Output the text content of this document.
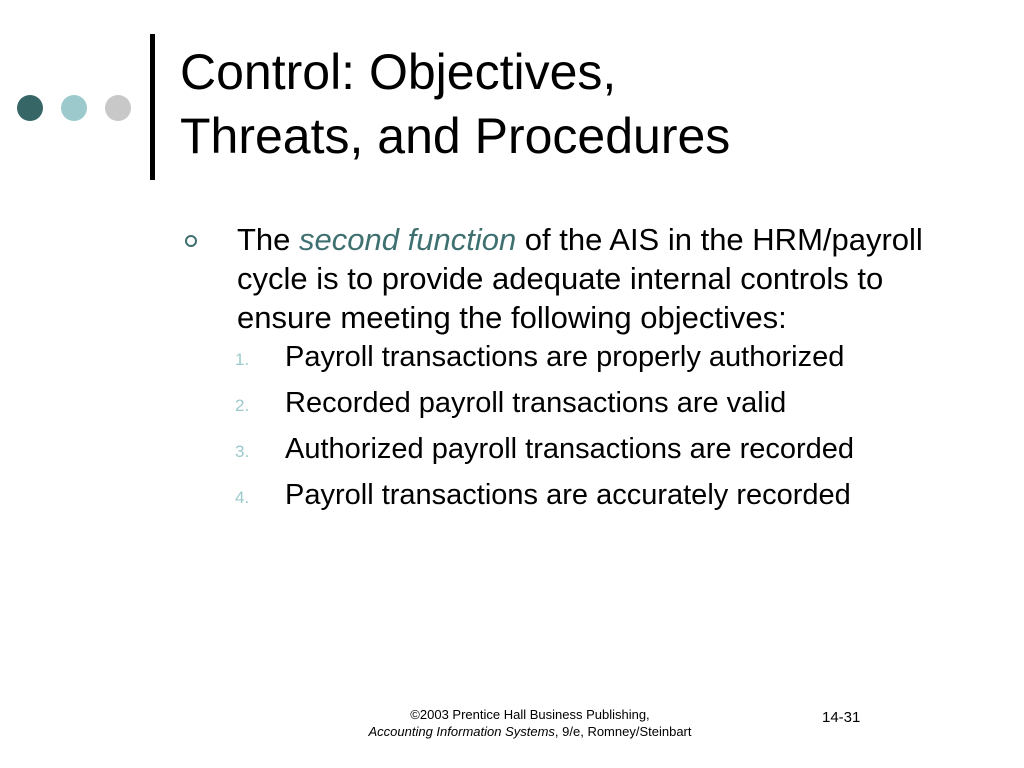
Control: Objectives,
Threats, and Procedures
The second function of the AIS in the HRM/payroll cycle is to provide adequate internal controls to ensure meeting the following objectives:
1. Payroll transactions are properly authorized
2. Recorded payroll transactions are valid
3. Authorized payroll transactions are recorded
4. Payroll transactions are accurately recorded
©2003 Prentice Hall Business Publishing,
Accounting Information Systems, 9/e, Romney/Steinbart
14-31
